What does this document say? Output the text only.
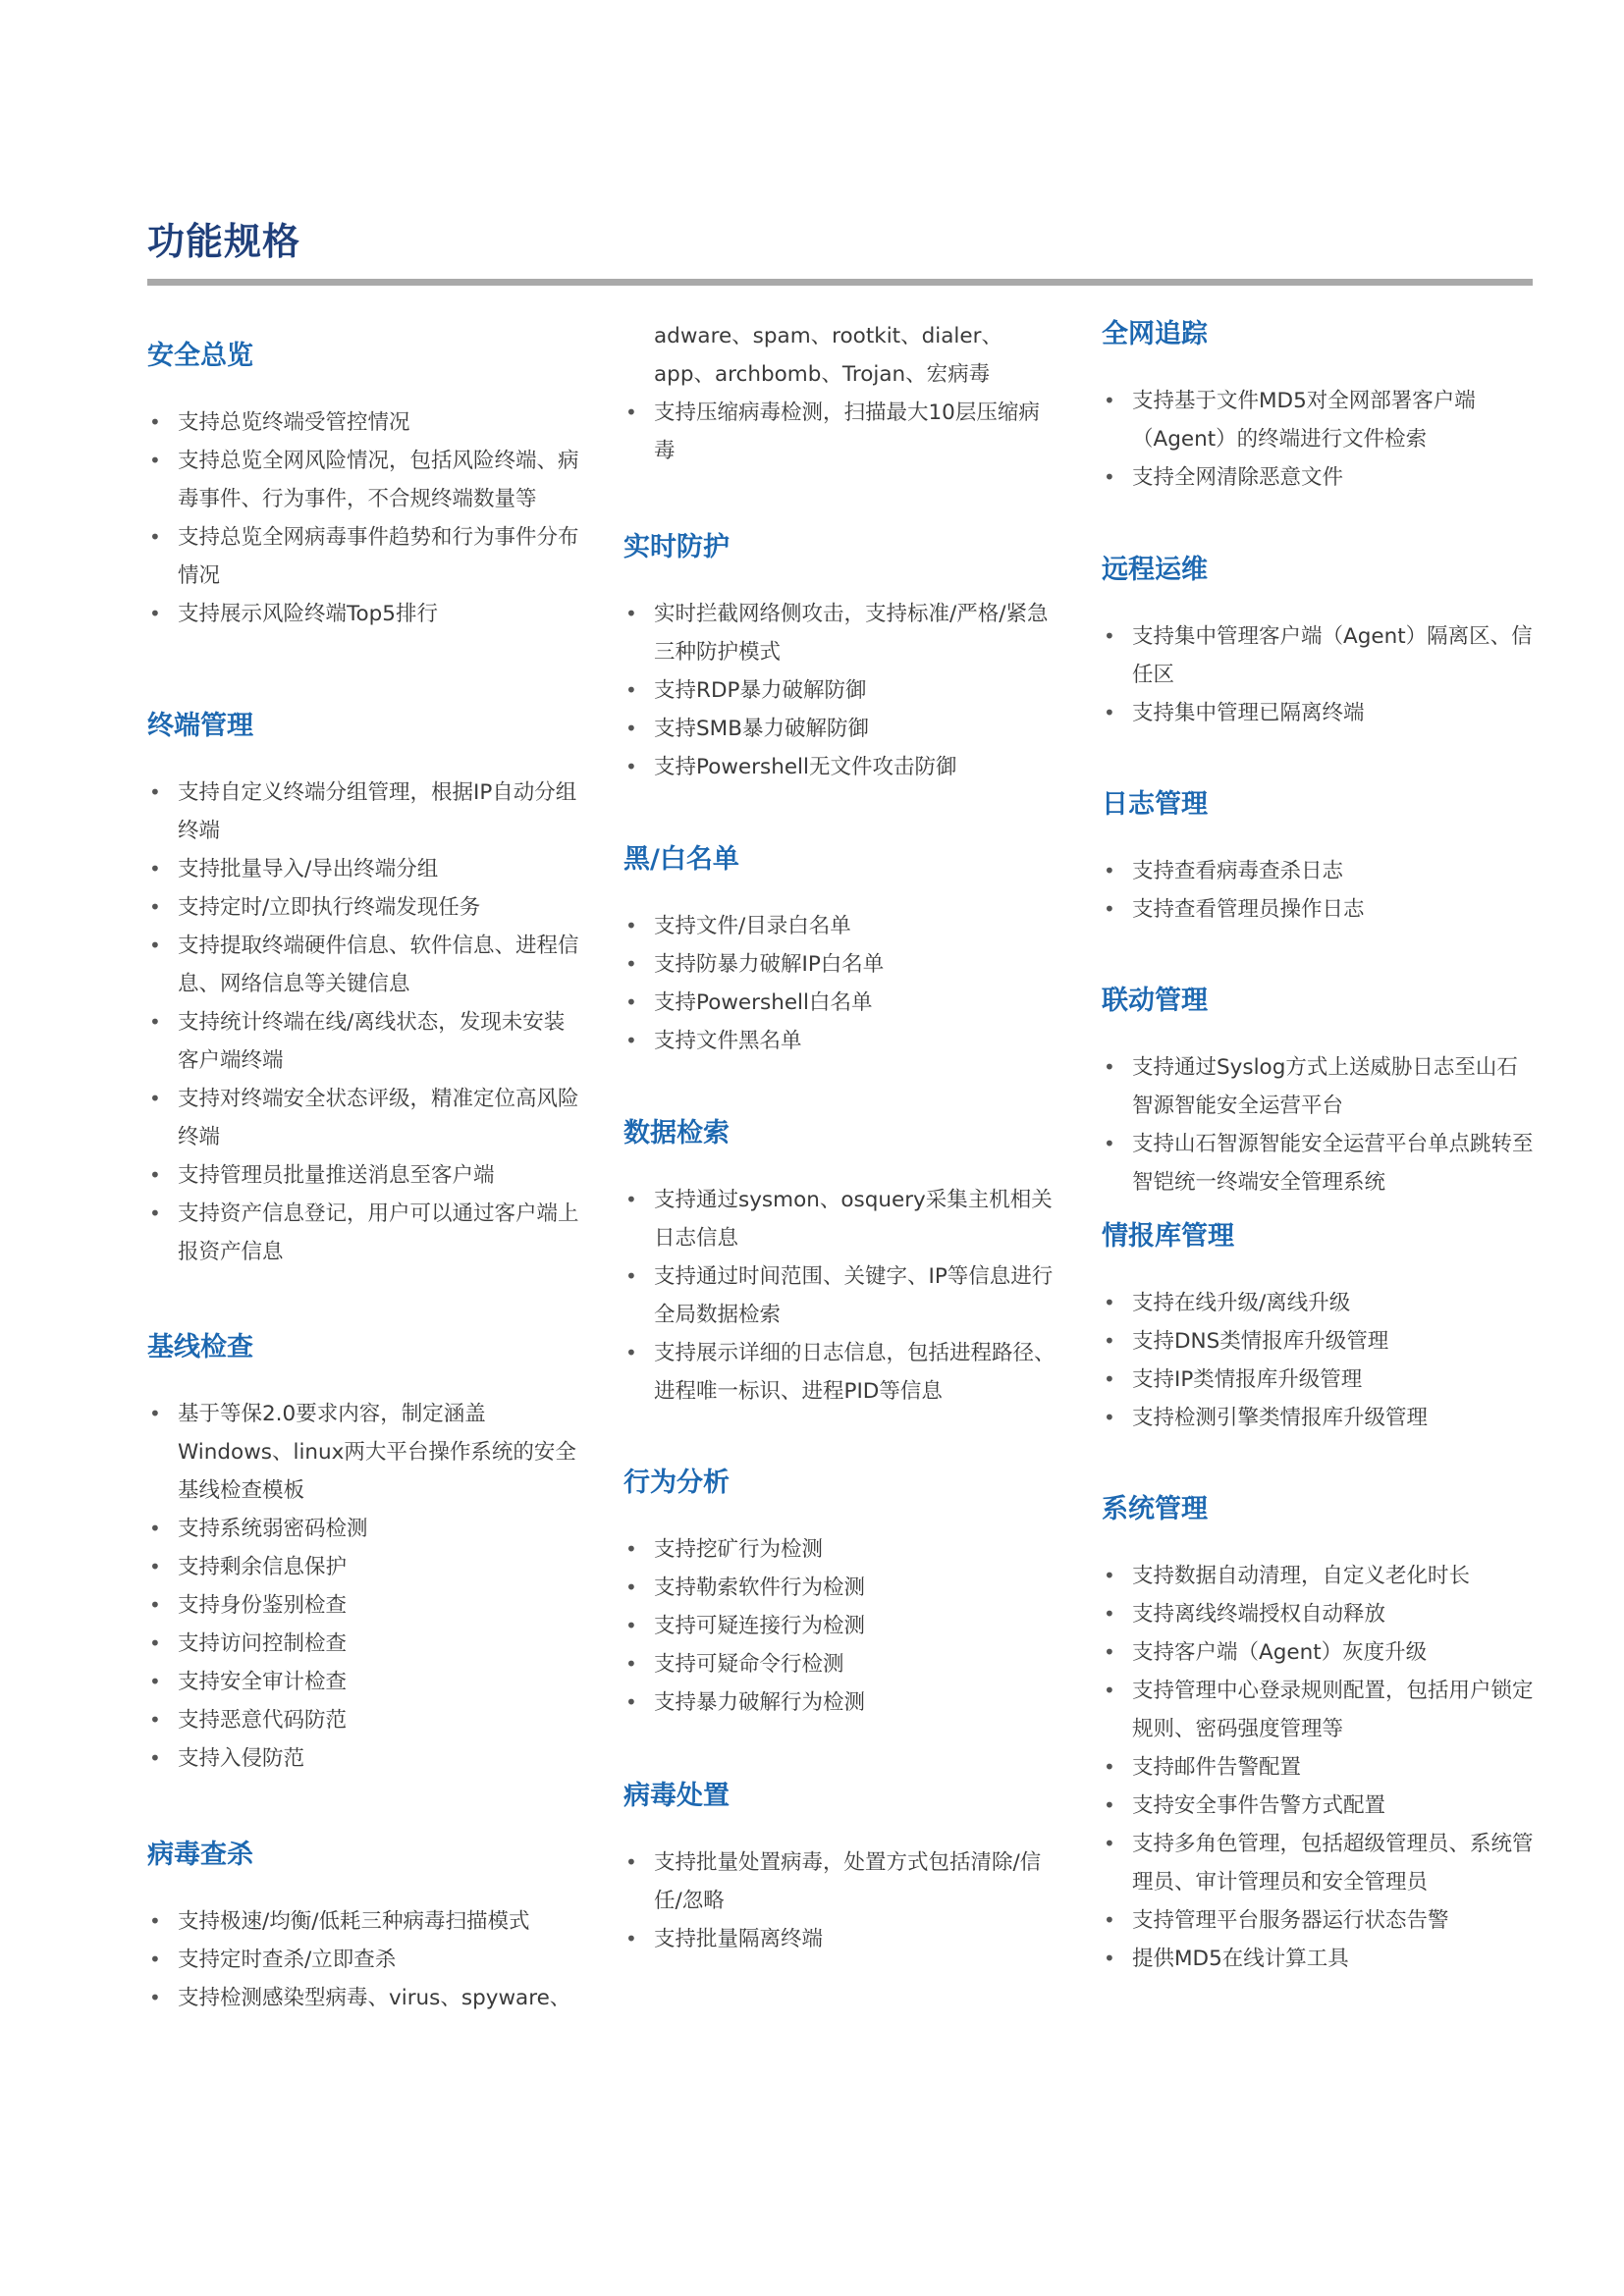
功能规格
安全总览
• 支持总览终端受管控情况
• 支持总览全网风险情况，包括风险终端、病毒事件、行为事件，不合规终端数量等
• 支持总览全网病毒事件趋势和行为事件分布情况
• 支持展示风险终端Top5排行
终端管理
• 支持自定义终端分组管理，根据IP自动分组终端
• 支持批量导入/导出终端分组
• 支持定时/立即执行终端发现任务
• 支持提取终端硬件信息、软件信息、进程信息、网络信息等关键信息
• 支持统计终端在线/离线状态，发现未安装客户端终端
• 支持对终端安全状态评级，精准定位高风险终端
• 支持管理员批量推送消息至客户端
• 支持资产信息登记，用户可以通过客户端上报资产信息
基线检查
• 基于等保2.0要求内容，制定涵盖Windows、linux两大平台操作系统的安全基线检查模板
• 支持系统弱密码检测
• 支持剩余信息保护
• 支持身份鉴别检查
• 支持访问控制检查
• 支持安全审计检查
• 支持恶意代码防范
• 支持入侵防范
病毒查杀
• 支持极速/均衡/低耗三种病毒扫描模式
• 支持定时查杀/立即查杀
• 支持检测感染型病毒、virus、spyware、
adware、spam、rootkit、dialer、app、archbomb、Trojan、宏病毒
• 支持压缩病毒检测，扫描最大10层压缩病毒
实时防护
• 实时拦截网络侧攻击，支持标准/严格/紧急三种防护模式
• 支持RDP暴力破解防御
• 支持SMB暴力破解防御
• 支持Powershell无文件攻击防御
黑/白名单
• 支持文件/目录白名单
• 支持防暴力破解IP白名单
• 支持Powershell白名单
• 支持文件黑名单
数据检索
• 支持通过sysmon、osquery采集主机相关日志信息
• 支持通过时间范围、关键字、IP等信息进行全局数据检索
• 支持展示详细的日志信息，包括进程路径、进程唯一标识、进程PID等信息
行为分析
• 支持挖矿行为检测
• 支持勒索软件行为检测
• 支持可疑连接行为检测
• 支持可疑命令行检测
• 支持暴力破解行为检测
病毒处置
• 支持批量处置病毒，处置方式包括清除/信任/忽略
• 支持批量隔离终端
全网追踪
• 支持基于文件MD5对全网部署客户端（Agent）的终端进行文件检索
• 支持全网清除恶意文件
远程运维
• 支持集中管理客户端（Agent）隔离区、信任区
• 支持集中管理已隔离终端
日志管理
• 支持查看病毒查杀日志
• 支持查看管理员操作日志
联动管理
• 支持通过Syslog方式上送威胁日志至山石智源智能安全运营平台
• 支持山石智源智能安全运营平台单点跳转至智铠统一终端安全管理系统
情报库管理
• 支持在线升级/离线升级
• 支持DNS类情报库升级管理
• 支持IP类情报库升级管理
• 支持检测引擎类情报库升级管理
系统管理
• 支持数据自动清理，自定义老化时长
• 支持离线终端授权自动释放
• 支持客户端（Agent）灰度升级
• 支持管理中心登录规则配置，包括用户锁定规则、密码强度管理等
• 支持邮件告警配置
• 支持安全事件告警方式配置
• 支持多角色管理，包括超级管理员、系统管理员、审计管理员和安全管理员
• 支持管理平台服务器运行状态告警
• 提供MD5在线计算工具
